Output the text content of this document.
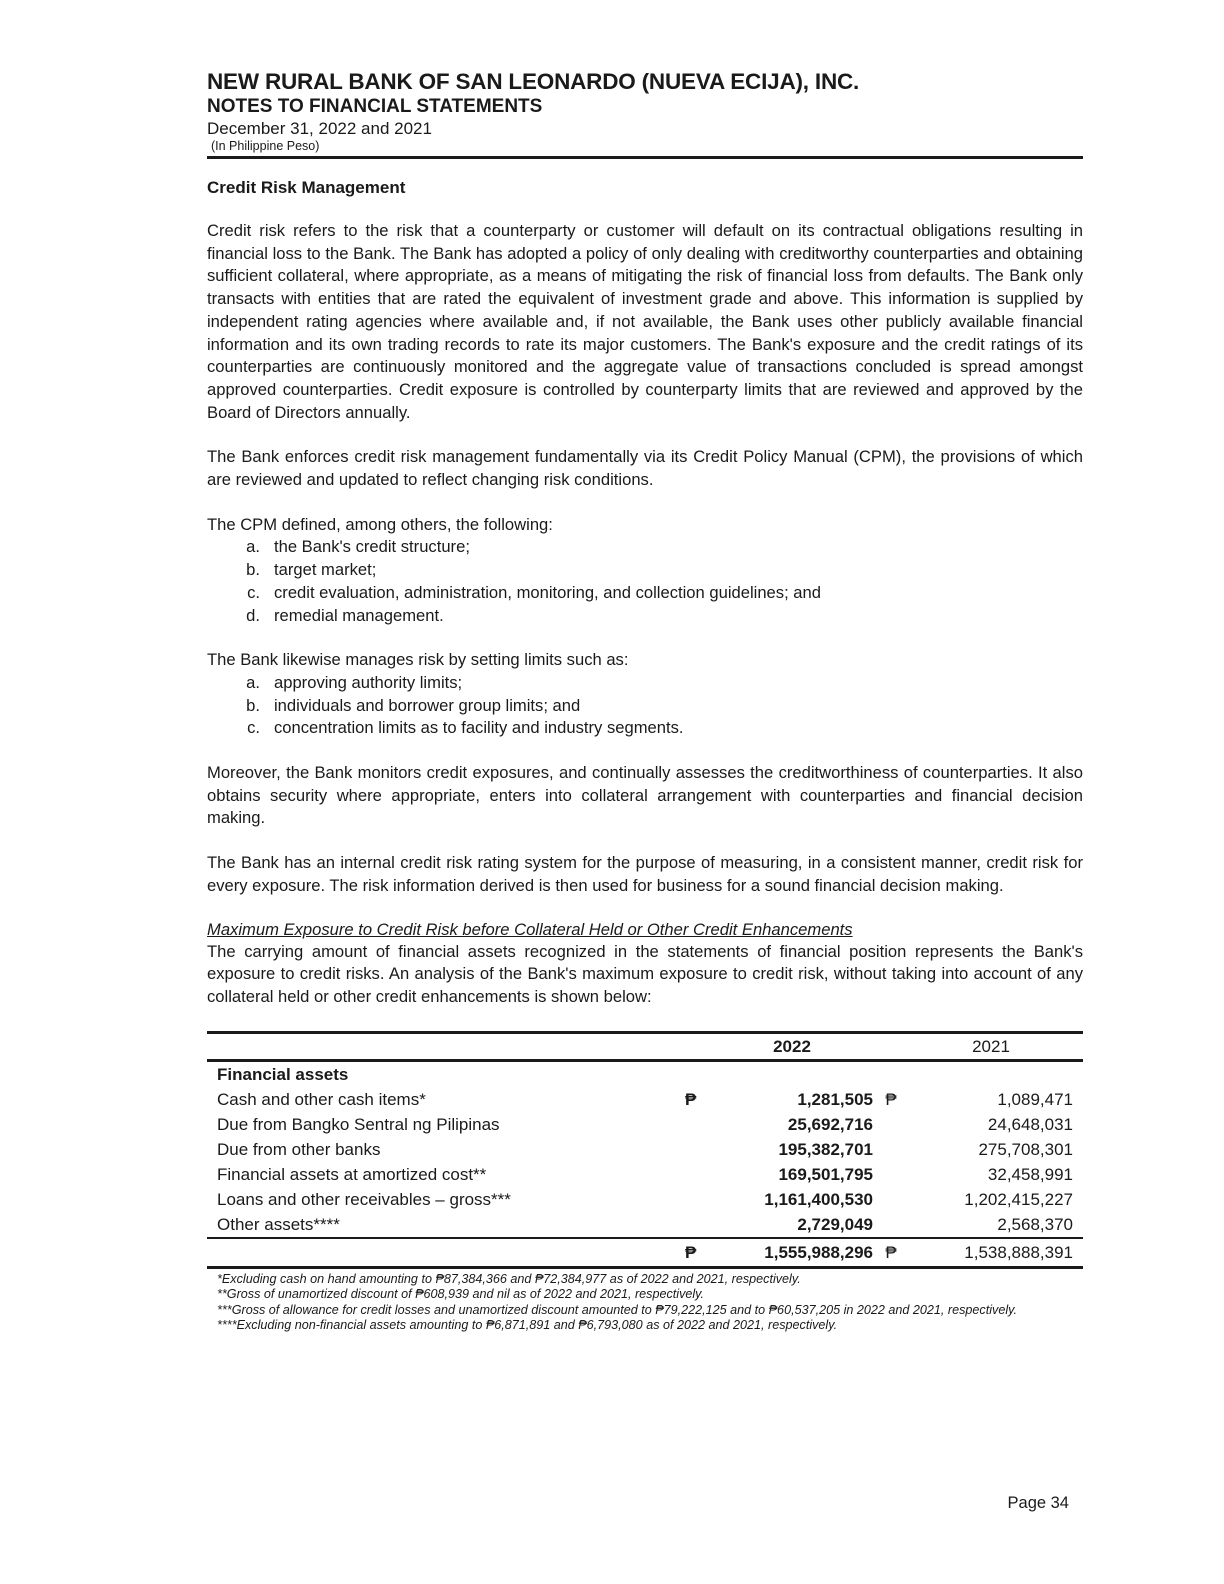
NEW RURAL BANK OF SAN LEONARDO (NUEVA ECIJA), INC.
NOTES TO FINANCIAL STATEMENTS
December 31, 2022 and 2021
(In Philippine Peso)
Credit Risk Management

Credit risk refers to the risk that a counterparty or customer will default on its contractual obligations resulting in financial loss to the Bank. The Bank has adopted a policy of only dealing with creditworthy counterparties and obtaining sufficient collateral, where appropriate, as a means of mitigating the risk of financial loss from defaults. The Bank only transacts with entities that are rated the equivalent of investment grade and above. This information is supplied by independent rating agencies where available and, if not available, the Bank uses other publicly available financial information and its own trading records to rate its major customers. The Bank's exposure and the credit ratings of its counterparties are continuously monitored and the aggregate value of transactions concluded is spread amongst approved counterparties. Credit exposure is controlled by counterparty limits that are reviewed and approved by the Board of Directors annually.

The Bank enforces credit risk management fundamentally via its Credit Policy Manual (CPM), the provisions of which are reviewed and updated to reflect changing risk conditions.

The CPM defined, among others, the following:

a. the Bank's credit structure;
b. target market;
c. credit evaluation, administration, monitoring, and collection guidelines; and
d. remedial management.

The Bank likewise manages risk by setting limits such as:

a. approving authority limits;
b. individuals and borrower group limits; and
c. concentration limits as to facility and industry segments.

Moreover, the Bank monitors credit exposures, and continually assesses the creditworthiness of counterparties. It also obtains security where appropriate, enters into collateral arrangement with counterparties and financial decision making.

The Bank has an internal credit risk rating system for the purpose of measuring, in a consistent manner, credit risk for every exposure. The risk information derived is then used for business for a sound financial decision making.

Maximum Exposure to Credit Risk before Collateral Held or Other Credit Enhancements

The carrying amount of financial assets recognized in the statements of financial position represents the Bank's exposure to credit risks. An analysis of the Bank's maximum exposure to credit risk, without taking into account of any collateral held or other credit enhancements is shown below:

		2022		2021
Financial assets				
Cash and other cash items*	₱	1,281,505	₱	1,089,471
Due from Bangko Sentral ng Pilipinas		25,692,716		24,648,031
Due from other banks		195,382,701		275,708,301
Financial assets at amortized cost**		169,501,795		32,458,991
Loans and other receivables – gross***		1,161,400,530		1,202,415,227
Other assets****		2,729,049		2,568,370
	₱	1,555,988,296	₱	1,538,888,391
*Excluding cash on hand amounting to ₱87,384,366 and ₱72,384,977 as of 2022 and 2021, respectively.
**Gross of unamortized discount of ₱608,939 and nil as of 2022 and 2021, respectively.
***Gross of allowance for credit losses and unamortized discount amounted to ₱79,222,125 and to ₱60,537,205 in 2022 and 2021, respectively.
****Excluding non-financial assets amounting to ₱6,871,891 and ₱6,793,080 as of 2022 and 2021, respectively.
Page 34
